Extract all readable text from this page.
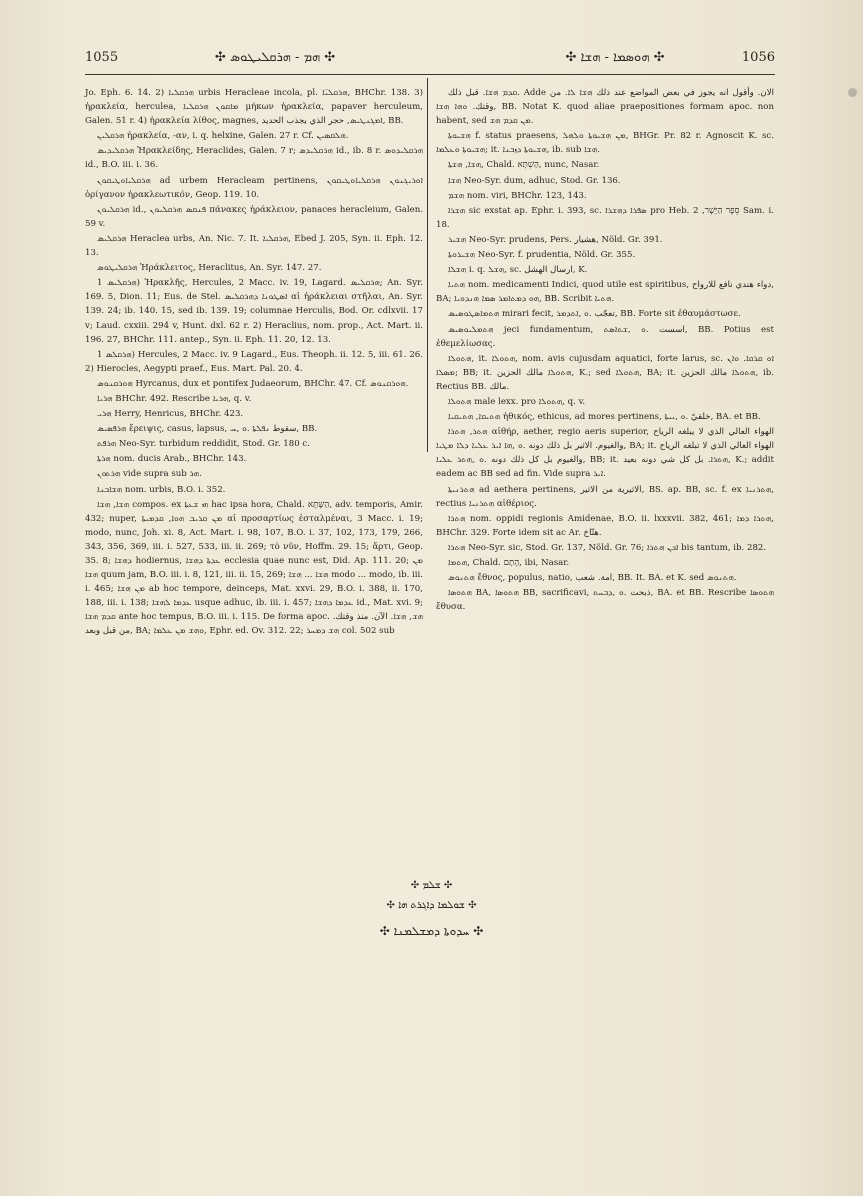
1055	✣ ܗܡ - ܗܪܩܠܝܛܘܣ ✣	✣ ܗܘܣܡܐ - ܗܫܐ ✣	1056

Jo. Eph. 6. 14. 2) ܗܪܩܠܝܐ urbis Heracleae incola, pl. ܗܪܩܠܝ̈ܐ, BHChr. 138. 3) ἡρακλεία, herculea, ܡܐܩܘܢ ܗܪܩܠܝܐ μήκων ἡρακλεία, papaver herculeum, Galen. 51 r. 4) ἡρακλεία λίθος, magnes, ܐܡܓܢܛܝܣ, حجر الذي يجذب الحديد, BB.

ܗܪܩܠܝܢ ἡρακλεία, -αν, i. q. helxine, Galen. 27 r. Cf. ܗܠܩܣܝܢ.

ܗܪܩܠܝܕܝܣ Ἡρακλείδης, Heraclides, Galen. 7 r; ܗܪܩܠܝܕܣ id., ib. 8 r. ܗܪܩܠܝܕܘܣ id., B.O. iii. i. 36.

ܗܪܩܠܝܐܘܛܝܩܘܢ ad urbem Heracleam pertinens, ܐܘܪܝܓܢܘܢ ܗܪܩܠܝܐܘܛܝܩܘܢ ὀρίγανον ἡρακλεωτικόν, Geop. 119. 10.

ܗܪܩܠܝܘܢ id., ܦܢܩܣ ܗܪܩܠܝܘܢ πάνακες ἡράκλειον, panaces heracleium, Galen. 59 v.

ܗܪܩܠܝܣ Heraclea urbs, An. Nic. 7. It. ܗܪܩܠܝܐ, Ebed J. 205, Syn. ii. Eph. 12. 13.

ܗܪܩܠܝܛܘܣ Ἡράκλειτος, Heraclitus, An. Syr. 147. 27.

ܗܪܩܠܝܣ 1) Ἡρακλῆς, Hercules, 2 Macc. iv. 19, Lagard. ܗܪܩܠܝܣ; An. Syr. 169. 5, Dion. 11; Eus. de Stel. ܐܣܛܘܢܐ ܕܗܪܩܠܝܣ αἱ ἡράκλειαι στῆλαι, An. Syr. 139. 24; ib. 140. 15, sed ib. 139. 19; columnae Herculis, Bod. Or. cdlxvii. 17 v; Laud. cxxiii. 294 v, Hunt. dxl. 62 r. 2) Heraclius, nom. prop., Act. Mart. ii. 196. 27, BHChr. 111. antep., Syn. ii. Eph. 11. 20, 12. 13.

ܗܪܩܠܣ 1) Hercules, 2 Macc. iv. 9 Lagard., Eus. Theoph. ii. 12. 5, iii. 61. 26. 2) Hierocles, Aegypti praef., Eus. Mart. Pal. 20. 4.

ܗܘܪܩܢܘܣ Hyrcanus, dux et pontifex Judaeorum, BHChr. 47. Cf. ܗܘܪܩܢܘܣ.

ܗܪܝܐ BHChr. 492. Rescribe ܗܪܝܐ, q. v.

ܗܪܝ Herry, Henricus, BHChr. 423.

ܗܪܦܣܝܣ ἔρειψις, casus, lapsus, سقوط ܢܦܠܬܐ .ܘ ,ܚ, BB.

ܗܪܦܬ Neo-Syr. turbidum reddidit, Stod. Gr. 180 c.

ܗܪܬܐ nom. ducis Arab., BHChr. 143.

ܗܪܬܘܢ vide supra sub ܗܪ.

ܗܫܐܒܢܐ nom. urbis, B.O. i. 352.

ܗܫܐ, ܗܫܐ compos. ex ܗܝ ܫܥܬܐ hac ipsa hora, Chald. הַשָּׁתָּא, adv. temporis, Amir. 432; nuper, ܡܢ ܩܪܝܒ ܗܘܐ, ܩܕܡܝܬܐ αἱ προσαρτίως ἐσταλμέναι, 3 Macc. i. 19; modo, nunc, Joh. xi. 8, Act. Mart. i. 98, 107, B.O. i. 37, 102, 173, 179, 266, 343, 356, 369, iii. i. 527, 533, iii. ii. 269; τὸ νῦν, Hoffm. 29. 15; ἄρτι, Geop. 35. 8; ܕܗܫܐ hodiernus, ܥܕܬܐ ܕܗܫܐ ecclesia quae nunc est, Did. Ap. 111. 20; ܡܢ ܗܫܐ quum jam, B.O. iii. i. 8, 121, iii. ii. 15, 269; ܗܫܐ ... ܗܫܐ modo ... modo, ib. iii. i. 465; ܡܢ ܗܫܐ ab hoc tempore, deinceps, Mat. xxvi. 29, B.O. i. 388, ii. 170, 188, iii. i. 138; ܥܕܡܐ ܠܗܫܐ usque adhuc, ib. iii. i. 457; ܥܕܡܐ ܕܗܫܐ id., Mat. xvi. 9; ܩܕܡ ܗܫܐ ante hoc tempus, B.O. iii. i. 115. De forma apoc. ܗܫ, ܗܫܐ. الآن. منذ وقتك. من قبل وبعد, BA; ܘܗܫ ܡܢ ܥܠܡܐ, Ephr. ed. Ov. 312. 22; ܗܫ ܕܡܚܪ col. 502 sub

ܩܕܡ ܗܫܐ. قبل ذلك. Adde الان. وأقول انه يجوز في بعض المواضع عند ذلك ܗܫܐ ܠܐ. من وقتك. ܘܗܐ ܗܫܐ, BB. Notat K. quod aliae praepositiones formam apoc. non habent, sed ܡܢ ܩܕܡ ܗܫ.

ܗܫܝܘܬܐ f. status praesens, ܡܢ ܗܫܝܘܬܐ ܘܠܗܠ, BHGr. Pr. 82 r. Agnoscit K. sc. ܗܫܝܘܬܐ ܘܥܠܡܐ; it. ܗܫܝܘܬܐ ܕܙܒܢܐ, ib. sub ܗܫܐ.

ܗܫܐ, ܗܫܬܐ, Chald. הַשְׁתָּא, nunc, Nasar.

ܗܫܐ Neo-Syr. dum, adhuc, Stod. Gr. 136.

ܗܫܡ nom. viri, BHChr. 123, 143.

ܗܫܪܐ sic exstat ap. Ephr. i. 393, sc. ܣܦܪܐ ܕܗܫܪܐ pro Heb. סֵפֶר הַיָּשָׁר, 2 Sam. i. 18.

ܗܫܝܪ Neo-Syr. prudens, Pers. هشيار, Nöld. Gr. 391.

ܗܫܝܪܘܬܐ Neo-Syr. f. prudentia, Nöld. Gr. 355.

ܗܫܠܐ i. q. ܗܫܠ, sc. ارسال الهشل, K.

ܗܬܝܐ nom. medicamenti Indici, quod utile est spiritibus, دواء هندي نافع للارواح, BA; ܗܘ ܕܡܬܐܡܪ ܣܡܐ ܗܢܕܘܝܐ, BB. Scribit ܗܬܝܐ.

ܗܬܡܐܣܛܘܣܝܣ mirari fecit, تعجّب .ܘ ,ܐܬܕܡܪ, BB. Forte sit ἐθαυμάστωσε.

ܗܬܡܠܝܘܣܝܣ jeci fundamentum, اسست .ܘ ,ܫܬܐܣܬ, BB. Potius est ἐθεμελίωσας.

ܗܬܘܠܐ, it. ܗܬܘܠܐ, nom. avis cujusdam aquatici, forte larus, sc. ܐܘ ܩܪܩܐ. ܘܐܢ ܡܣܠܐ; BB; it. ܗܬܘܠܐ مالك الحزين, K.; sed ܗܬܘܠܐ, BA; it. ܗܬܘܠܐ مالك الحزين, ib. Rectius BB. مالك.

ܗܬܘܠܐ male lexx. pro ܗܬܘܠܐ, q. v.

ܗܬܝܩܐ, ܗܬܝܩܝܐ ἠθικός, ethicus, ad mores pertinens, خلقيّ .ܘ ,ܝܝܬܐ, BA. et BB.

ܗܬܪ, ܗܬܪܐ αἰθήρ, aether, regio aeris superior, الهواء العالي الذي لا يبلغه الرياح والغيوم. الاثير بل ذلك دونه .ܘ ,ܗܐ ܐܝܪ ܥܠܝܐ ܕܠܐ ܡܛܝܐ, BA; it. الهواء العالي الذي لا تبلغه الرياح والغيوم بل كل ذلك دونه .ܘ ,ܗܬܪ ܥܠܝܐ, BB; it. ܗܬܪܐ. بل كل شي دونه بعيد, K.; addit eadem ac BB sed ad fin. Vide supra ܐܝܪ.

ܗܬܪܢܝܬܐ ad aethera pertinens, الاثيرية من الاثير, BS. ap. BB, sc. f. ex ܗܬܪܢܝܐ, rectius ܗܬܪܢܝܐ αἰθέριος.

ܗܬܪܐ nom. oppidi regionis Amidenae, B.O. ii. lxxxvii. 382, 461; ܗܬܪܐ ܕܡܐ, BHChr. 329. Forte idem sit ac Ar. هتّاخ.

ܗܬܪܐ Neo-Syr. sic, Stod. Gr. 137, Nöld. Gr. 76; ܐܟܢ ܗܬܪܐ bis tantum, ib. 282.

ܗܬܡܐ, Chald. הָתָם, ibi, Nasar.

ܗܬܢܘܣ ἔθνος, populus, natio, امة. شعب, BB. It. BA. et K. sed ܗܬܢܘܣ.

ܗܬܘܣܐ BA, ܗܬܘܣܐ BB, sacrificavi, ذبحت .ܘ ,ܕܒܚܬ, BA. et BB. Rescribe ܗܬܘܣܐ ἔθυσα.

✣ ܫܠܡ ✣
✣ ܫܘܠܡܐ ܕܐܓܪܬ ܗܐ ✣
✣ ܚܕܘܬܐ ܕܡܫܠܡܢܐ ✣
